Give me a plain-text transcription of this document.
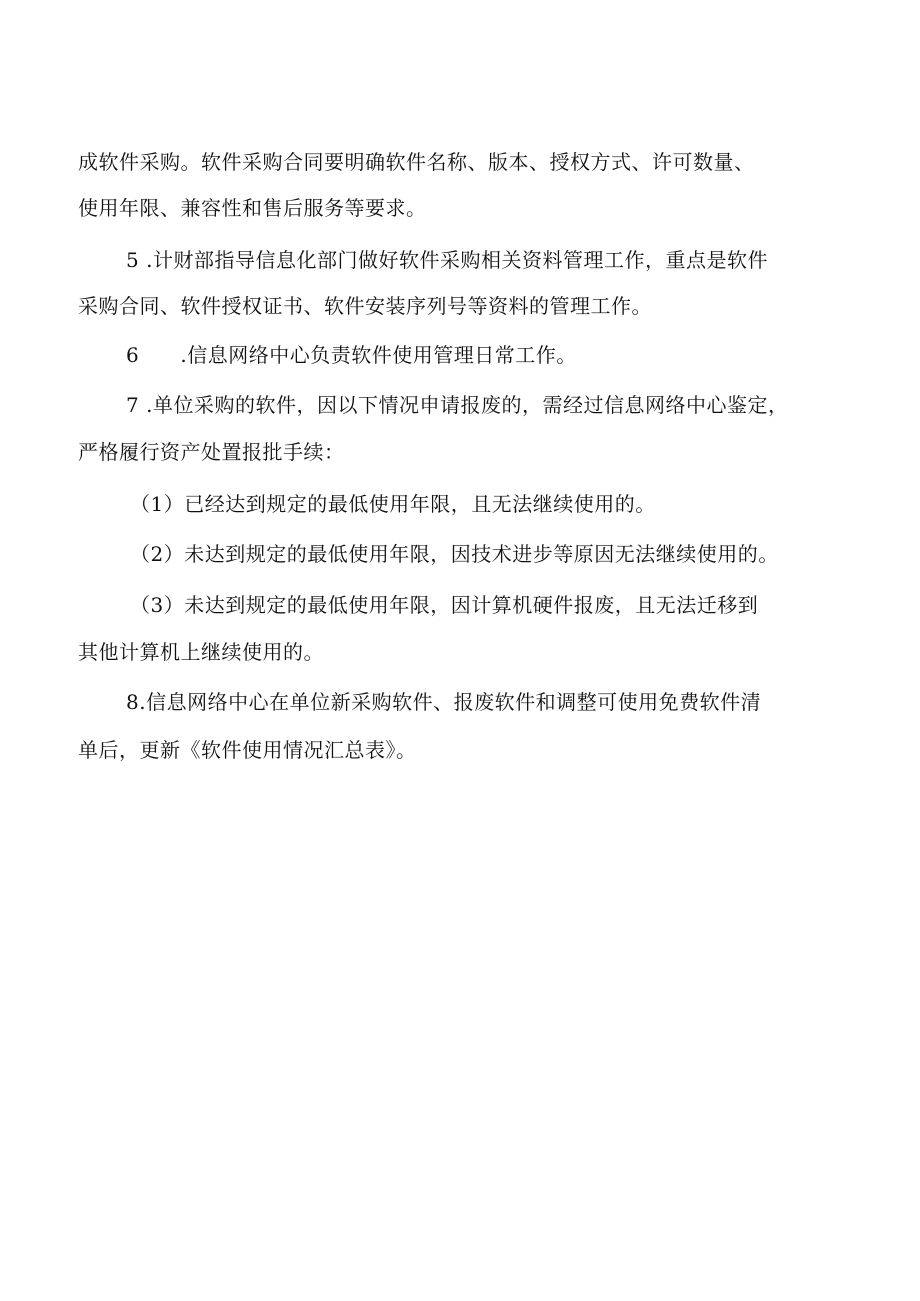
成软件采购。软件采购合同要明确软件名称、版本、授权方式、许可数量、
使用年限、兼容性和售后服务等要求。
5 .计财部指导信息化部门做好软件采购相关资料管理工作，重点是软件
采购合同、软件授权证书、软件安装序列号等资料的管理工作。
6      .信息网络中心负责软件使用管理日常工作。
7 .单位采购的软件，因以下情况申请报废的，需经过信息网络中心鉴定，
严格履行资产处置报批手续：
（1）已经达到规定的最低使用年限，且无法继续使用的。
（2）未达到规定的最低使用年限，因技术进步等原因无法继续使用的。
（3）未达到规定的最低使用年限，因计算机硬件报废，且无法迁移到
其他计算机上继续使用的。
8.信息网络中心在单位新采购软件、报废软件和调整可使用免费软件清
单后，更新《软件使用情况汇总表》。
